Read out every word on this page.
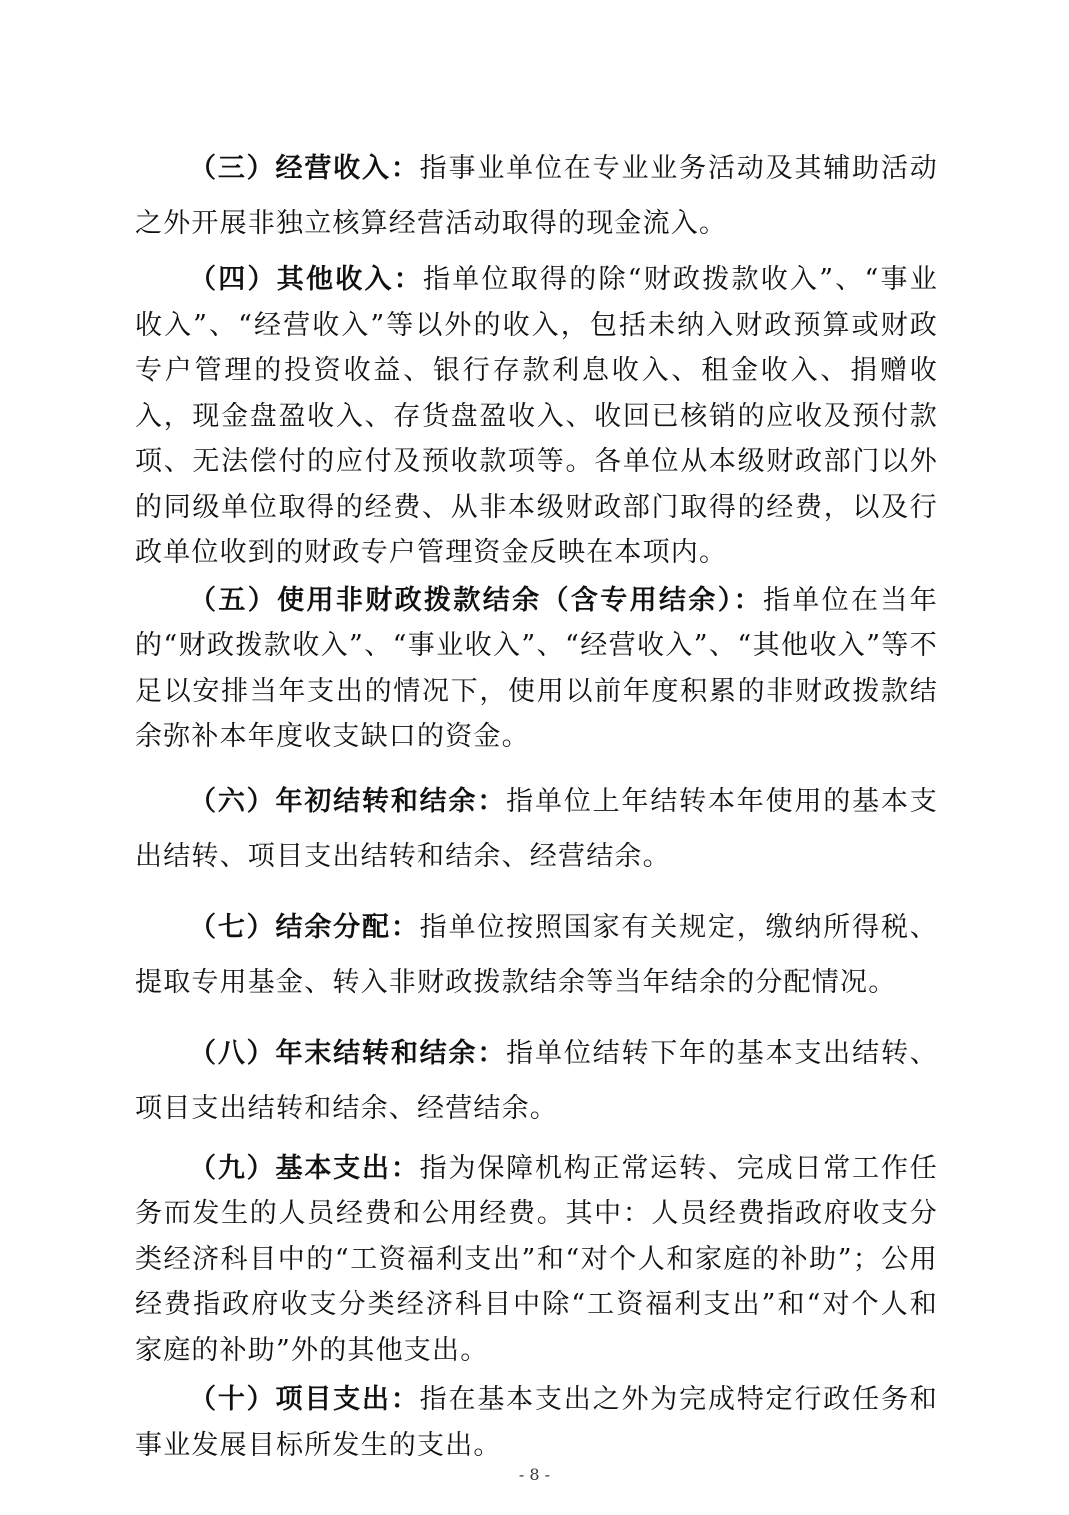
（三）经营收入：指事业单位在专业业务活动及其辅助活动之外开展非独立核算经营活动取得的现金流入。

（四）其他收入：指单位取得的除“财政拨款收入”、“事业收入”、“经营收入”等以外的收入，包括未纳入财政预算或财政专户管理的投资收益、银行存款利息收入、租金收入、捐赠收入，现金盘盈收入、存货盘盈收入、收回已核销的应收及预付款项、无法偿付的应付及预收款项等。各单位从本级财政部门以外的同级单位取得的经费、从非本级财政部门取得的经费，以及行政单位收到的财政专户管理资金反映在本项内。

（五）使用非财政拨款结余（含专用结余）：指单位在当年的“财政拨款收入”、“事业收入”、“经营收入”、“其他收入”等不足以安排当年支出的情况下，使用以前年度积累的非财政拨款结余弥补本年度收支缺口的资金。

（六）年初结转和结余：指单位上年结转本年使用的基本支出结转、项目支出结转和结余、经营结余。

（七）结余分配：指单位按照国家有关规定，缴纳所得税、提取专用基金、转入非财政拨款结余等当年结余的分配情况。

（八）年末结转和结余：指单位结转下年的基本支出结转、项目支出结转和结余、经营结余。

（九）基本支出：指为保障机构正常运转、完成日常工作任务而发生的人员经费和公用经费。其中：人员经费指政府收支分类经济科目中的“工资福利支出”和“对个人和家庭的补助”；公用经费指政府收支分类经济科目中除“工资福利支出”和“对个人和家庭的补助”外的其他支出。

（十）项目支出：指在基本支出之外为完成特定行政任务和事业发展目标所发生的支出。

- 8 -
